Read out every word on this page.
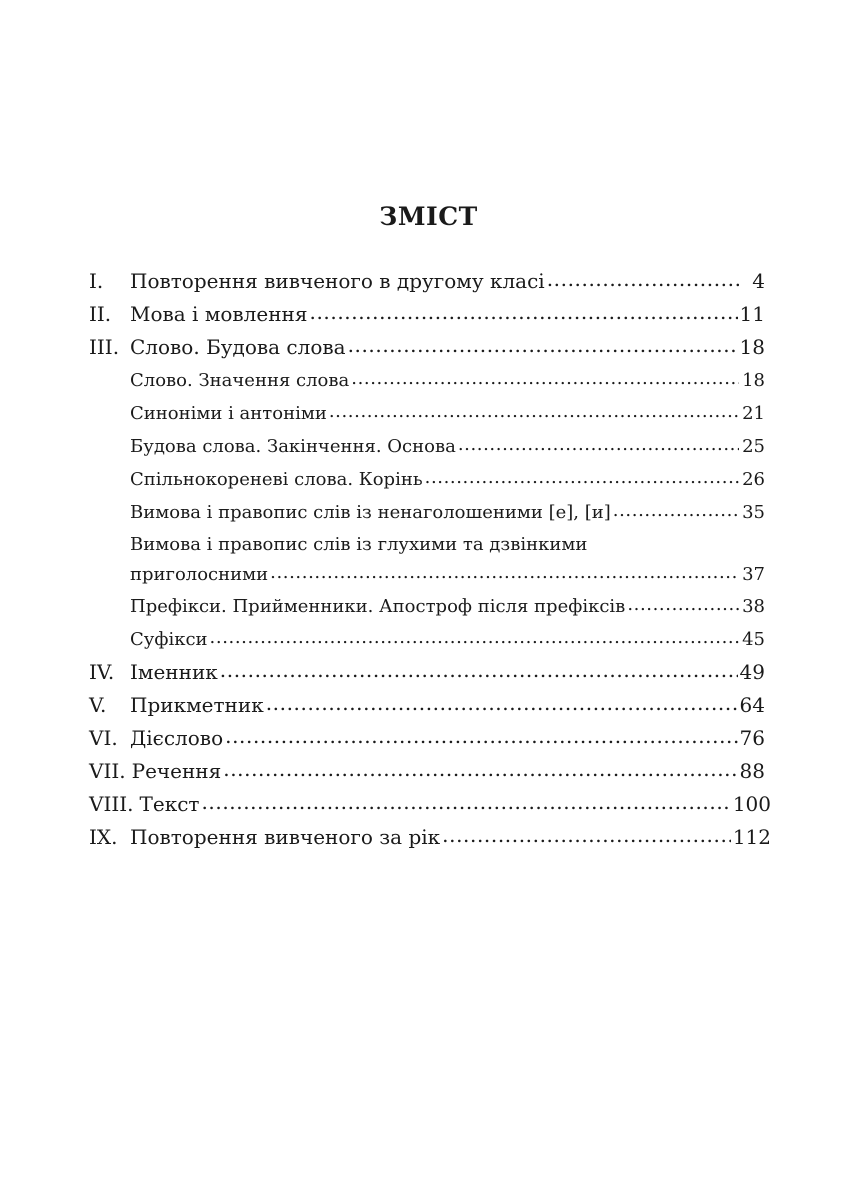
ЗМІСТ
I.	Повторення вивченого в другому класі .....	4
II. Мова і мовлення .....	11
III. Слово. Будова слова .....	18
Слово. Значення слова .....	18
Синоніми і антоніми .....	21
Будова слова. Закінчення. Основа .....	25
Спільнокореневі слова. Корінь .....	26
Вимова і правопис слів із ненаголошеними [е], [и] .....	35
Вимова і правопис слів із глухими та дзвінкими
приголосними .....	37
Префікси. Прийменники. Апостроф після префіксів .....	38
Суфікси .....	45
IV. Іменник .....	49
V.	Прикметник .....	64
VI. Дієслово .....	76
VII. Речення .....	88
VIII. Текст .....	100
IX. Повторення вивченого за рік .....	112
